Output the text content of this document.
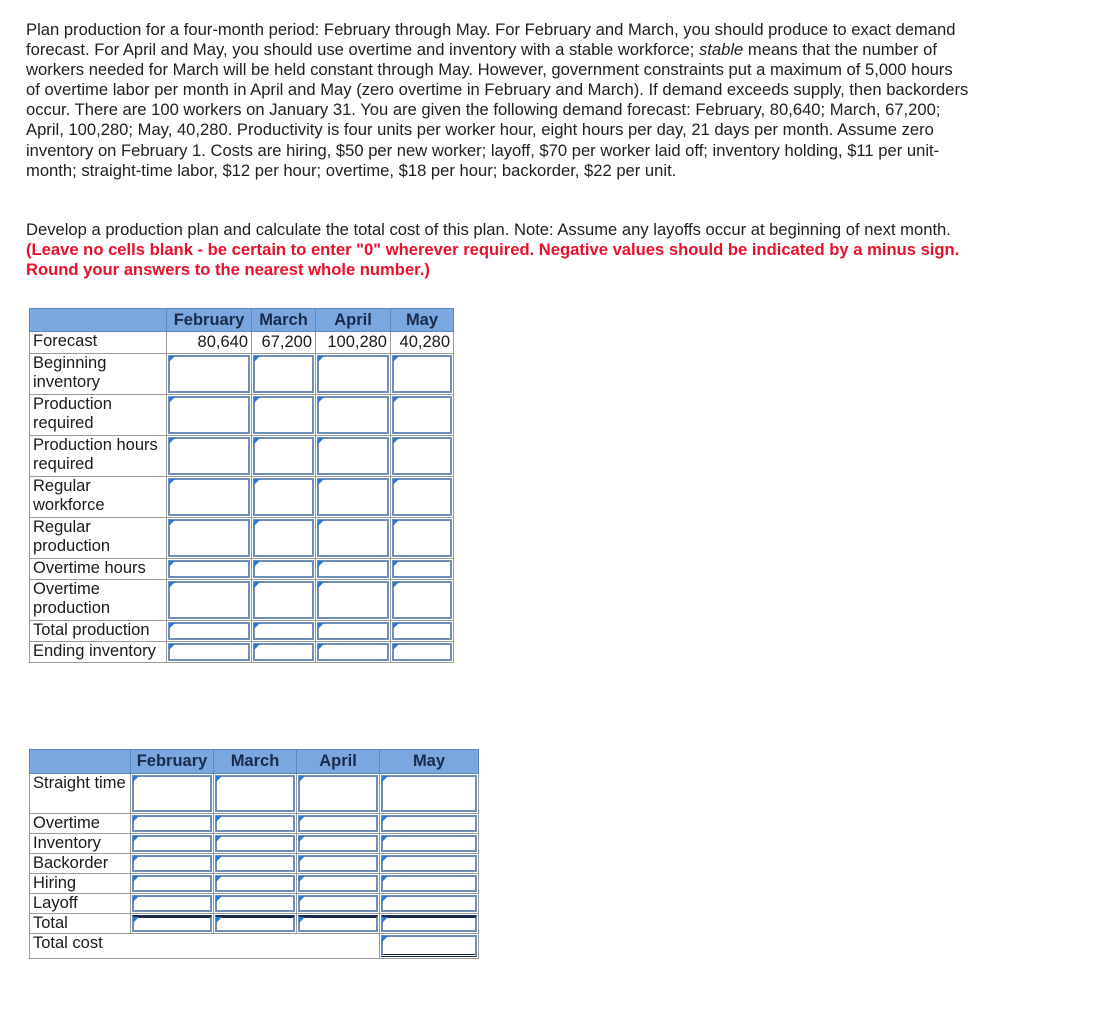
Plan production for a four-month period: February through May. For February and March, you should produce to exact demand forecast. For April and May, you should use overtime and inventory with a stable workforce; stable means that the number of workers needed for March will be held constant through May. However, government constraints put a maximum of 5,000 hours of overtime labor per month in April and May (zero overtime in February and March). If demand exceeds supply, then backorders occur. There are 100 workers on January 31. You are given the following demand forecast: February, 80,640; March, 67,200; April, 100,280; May, 40,280. Productivity is four units per worker hour, eight hours per day, 21 days per month. Assume zero inventory on February 1. Costs are hiring, $50 per new worker; layoff, $70 per worker laid off; inventory holding, $11 per unit-month; straight-time labor, $12 per hour; overtime, $18 per hour; backorder, $22 per unit.

Develop a production plan and calculate the total cost of this plan. Note: Assume any layoffs occur at beginning of next month. (Leave no cells blank - be certain to enter "0" wherever required. Negative values should be indicated by a minus sign. Round your answers to the nearest whole number.)

	February	March	April	May
Forecast	80,640	67,200	100,280	40,280
Beginning inventory	

Production required	

Production hours required	

Regular workforce	

Regular production	

Overtime hours	

Overtime production	

Total production	

Ending inventory	

	February	March	April	May
Straight time	

Overtime	

Inventory	

Backorder	

Hiring	

Layoff	

Total	

Total cost				
